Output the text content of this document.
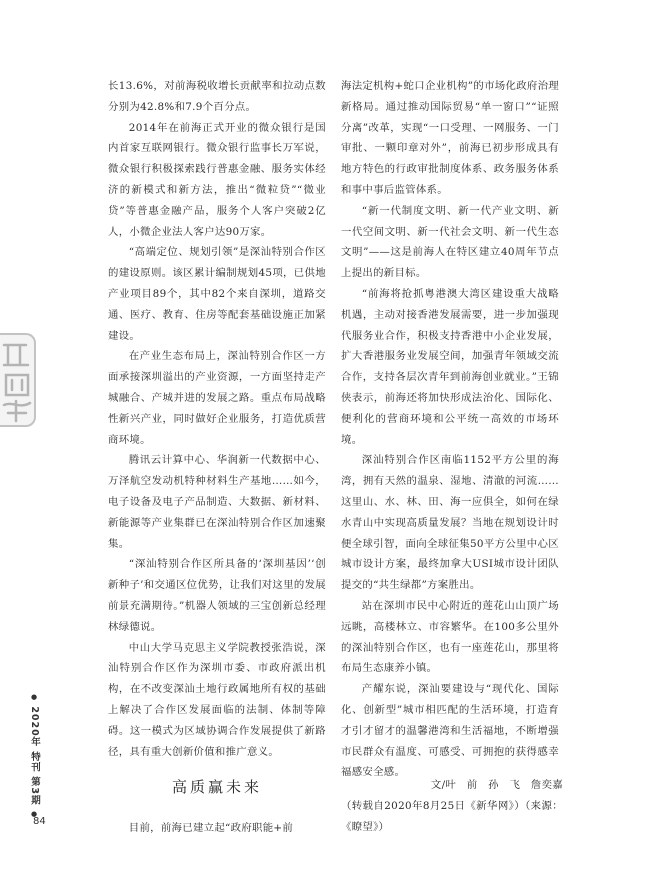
● 2020年 特刊 第3期 ●
84

长13.6%，对前海税收增长贡献率和拉动点数分别为42.8%和7.9个百分点。

2014年在前海正式开业的微众银行是国内首家互联网银行。微众银行监事长万军说，微众银行积极探索践行普惠金融、服务实体经济的新模式和新方法，推出“微粒贷”“微业贷”等普惠金融产品，服务个人客户突破2亿人，小微企业法人客户达90万家。

“高端定位、规划引领”是深汕特别合作区的建设原则。该区累计编制规划45项，已供地产业项目89个，其中82个来自深圳，道路交通、医疗、教育、住房等配套基础设施正加紧建设。

在产业生态布局上，深汕特别合作区一方面承接深圳溢出的产业资源，一方面坚持走产城融合、产城并进的发展之路。重点布局战略性新兴产业，同时做好企业服务，打造优质营商环境。

腾讯云计算中心、华润新一代数据中心、万泽航空发动机特种材料生产基地……如今，电子设备及电子产品制造、大数据、新材料、新能源等产业集群已在深汕特别合作区加速聚集。

“深汕特别合作区所具备的‘深圳基因’‘创新种子’和交通区位优势，让我们对这里的发展前景充满期待。”机器人领域的三宝创新总经理林绿德说。

中山大学马克思主义学院教授张浩说，深汕特别合作区作为深圳市委、市政府派出机构，在不改变深汕土地行政属地所有权的基础上解决了合作区发展面临的法制、体制等障碍。这一模式为区域协调合作发展提供了新路径，具有重大创新价值和推广意义。

海法定机构+蛇口企业机构”的市场化政府治理新格局。通过推动国际贸易“单一窗口”“证照分离”改革，实现“一口受理、一网服务、一门审批、一颗印章对外”，前海已初步形成具有地方特色的行政审批制度体系、政务服务体系和事中事后监管体系。

“新一代制度文明、新一代产业文明、新一代空间文明、新一代社会文明、新一代生态文明”——这是前海人在特区建立40周年节点上提出的新目标。

“前海将抢抓粤港澳大湾区建设重大战略机遇，主动对接香港发展需要，进一步加强现代服务业合作，积极支持香港中小企业发展，扩大香港服务业发展空间，加强青年领域交流合作，支持各层次青年到前海创业就业。”王锦侠表示，前海还将加快形成法治化、国际化、便利化的营商环境和公平统一高效的市场环境。

深汕特别合作区南临1152平方公里的海湾，拥有天然的温泉、湿地、清澈的河流……这里山、水、林、田、海一应俱全，如何在绿水青山中实现高质量发展？当地在规划设计时便全球引智，面向全球征集50平方公里中心区城市设计方案，最终加拿大USI城市设计团队提交的“共生绿都”方案胜出。

站在深圳市民中心附近的莲花山山顶广场远眺，高楼林立、市容繁华。在100多公里外的深汕特别合作区，也有一座莲花山，那里将布局生态康养小镇。

产耀东说，深汕要建设与“现代化、国际化、创新型”城市相匹配的生活环境，打造育才引才留才的温馨港湾和生活福地，不断增强市民群众有温度、可感受、可拥抱的获得感幸福感安全感。

高质赢未来
目前，前海已建立起“政府职能+前

文/叶　前　孙　飞　詹奕嘉

（转载自2020年8月25日《新华网》）（来源：《瞭望》）
